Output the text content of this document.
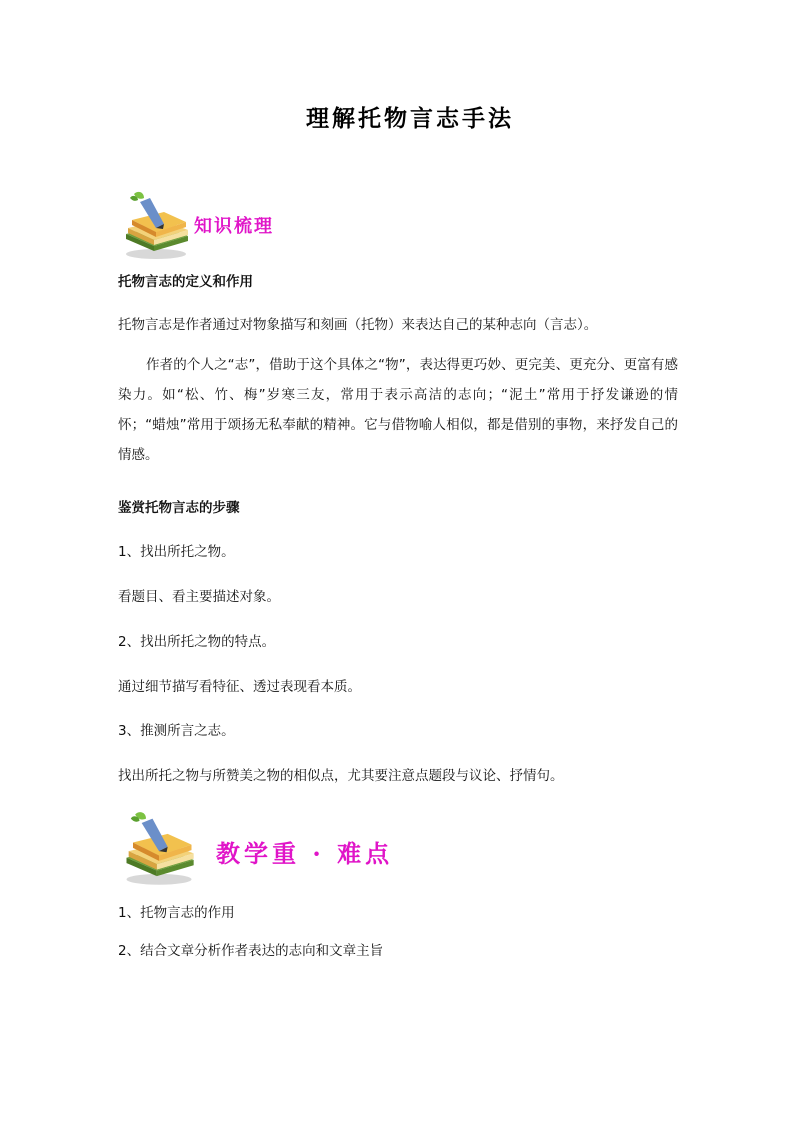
理解托物言志手法
知识梳理
托物言志的定义和作用
托物言志是作者通过对物象描写和刻画（托物）来表达自己的某种志向（言志）。
作者的个人之“志”，借助于这个具体之“物”，表达得更巧妙、更完美、更充分、更富有感染力。如“松、竹、梅”岁寒三友，常用于表示高洁的志向；“泥土”常用于抒发谦逊的情怀；“蜡烛”常用于颂扬无私奉献的精神。它与借物喻人相似，都是借别的事物，来抒发自己的情感。
鉴赏托物言志的步骤
1、找出所托之物。
看题目、看主要描述对象。
2、找出所托之物的特点。
通过细节描写看特征、透过表现看本质。
3、推测所言之志。
找出所托之物与所赞美之物的相似点，尤其要注意点题段与议论、抒情句。
教学重 · 难点
1、托物言志的作用
2、结合文章分析作者表达的志向和文章主旨
